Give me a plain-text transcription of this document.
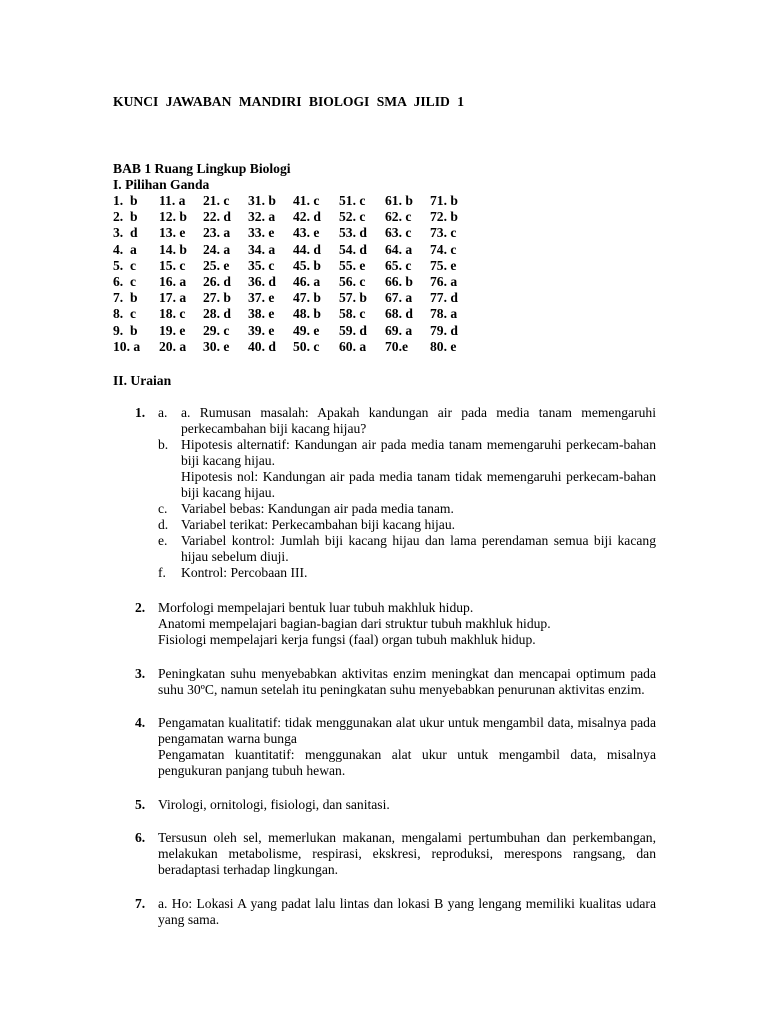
KUNCI JAWABAN MANDIRI BIOLOGI SMA JILID 1
BAB 1 Ruang Lingkup Biologi
I. Pilihan Ganda
1.  b	11. a	21. c	31. b	41. c	51. c	61. b	71. b
2.  b	12. b	22. d	32. a	42. d	52. c	62. c	72. b
3.  d	13. e	23. a	33. e	43. e	53. d	63. c	73. c
4.  a	14. b	24. a	34. a	44. d	54. d	64. a	74. c
5.  c	15. c	25. e	35. c	45. b	55. e	65. c	75. e
6.  c	16. a	26. d	36. d	46. a	56. c	66. b	76. a
7.  b	17. a	27. b	37. e	47. b	57. b	67. a	77. d
8.  c	18. c	28. d	38. e	48. b	58. c	68. d	78. a
9.  b	19. e	29. c	39. e	49. e	59. d	69. a	79. d
10. a	20. a	30. e	40. d	50. c	60. a	70.e	80. e
II. Uraian
1. a. a. Rumusan masalah: Apakah kandungan air pada media tanam memengaruhi perkecambahan biji kacang hijau?
b. Hipotesis alternatif: Kandungan air pada media tanam memengaruhi perkecam-bahan biji kacang hijau.

Hipotesis nol: Kandungan air pada media tanam tidak memengaruhi perkecam-bahan biji kacang hijau.

c. Variabel bebas: Kandungan air pada media tanam.
d. Variabel terikat: Perkecambahan biji kacang hijau.
e. Variabel kontrol: Jumlah biji kacang hijau dan lama perendaman semua biji kacang hijau sebelum diuji.
f. Kontrol: Percobaan III.
2. Morfologi mempelajari bentuk luar tubuh makhluk hidup.

Anatomi mempelajari bagian-bagian dari struktur tubuh makhluk hidup.

Fisiologi mempelajari kerja fungsi (faal) organ tubuh makhluk hidup.

3. Peningkatan suhu menyebabkan aktivitas enzim meningkat dan mencapai optimum pada suhu 30ºC, namun setelah itu peningkatan suhu menyebabkan penurunan aktivitas enzim.

4. Pengamatan kualitatif: tidak menggunakan alat ukur untuk mengambil data, misalnya pada pengamatan warna bunga

Pengamatan kuantitatif: menggunakan alat ukur untuk mengambil data, misalnya pengukuran panjang tubuh hewan.

5. Virologi, ornitologi, fisiologi, dan sanitasi.

6. Tersusun oleh sel, memerlukan makanan, mengalami pertumbuhan dan perkembangan, melakukan metabolisme, respirasi, ekskresi, reproduksi, merespons rangsang, dan beradaptasi terhadap lingkungan.

7. a. Ho: Lokasi A yang padat lalu lintas dan lokasi B yang lengang memiliki kualitas udara yang sama.
